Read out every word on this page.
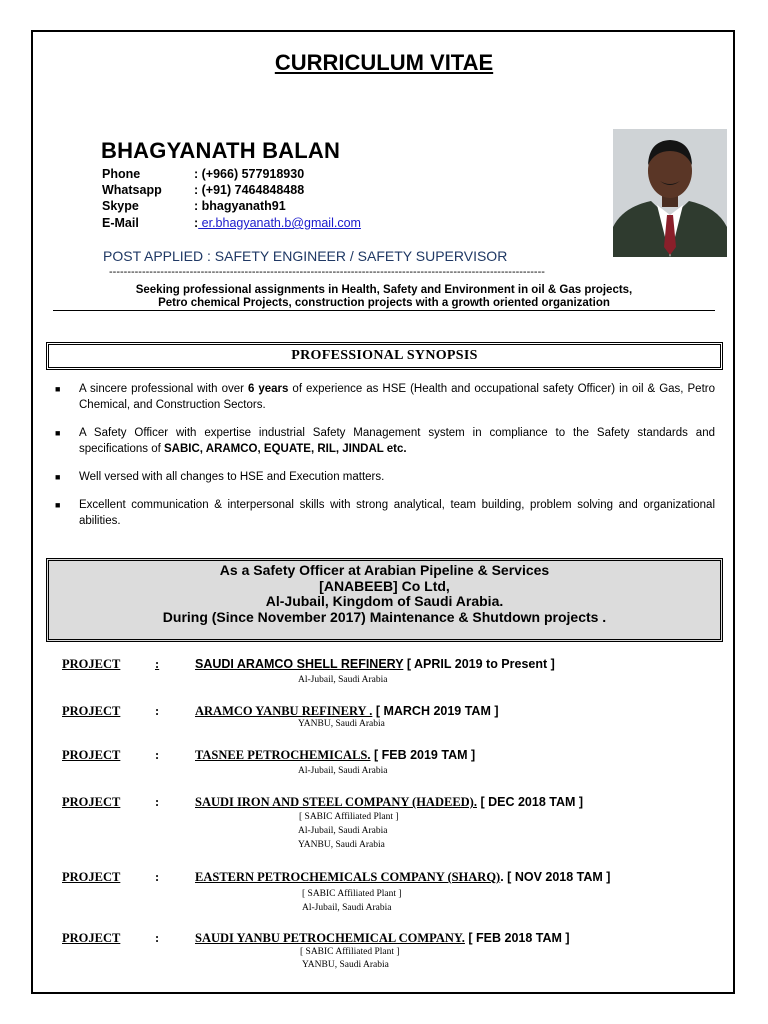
CURRICULUM VITAE
BHAGYANATH BALAN
Phone	: (+966) 577918930
Whatsapp	: (+91) 7464848488
Skype	: bhagyanath91
E-Mail	: er.bhagyanath.b@gmail.com
POST APPLIED : SAFETY ENGINEER / SAFETY SUPERVISOR
-----------------------------------------------------------------------------------------------------------------------
Seeking professional assignments in Health, Safety and Environment in oil & Gas projects,
Petro chemical Projects, construction projects with a growth oriented organization
PROFESSIONAL SYNOPSIS
■ A sincere professional with over 6 years of experience as HSE (Health and occupational safety Officer) in oil & Gas, Petro Chemical, and Construction Sectors.
■ A Safety Officer with expertise industrial Safety Management system in compliance to the Safety standards and specifications of SABIC, ARAMCO, EQUATE, RIL, JINDAL etc.
■ Well versed with all changes to HSE and Execution matters.
■ Excellent communication & interpersonal skills with strong analytical, team building, problem solving and organizational abilities.
As a Safety Officer at Arabian Pipeline & Services
[ANABEEB] Co Ltd,
Al-Jubail, Kingdom of Saudi Arabia.
During (Since November 2017) Maintenance & Shutdown projects .
PROJECT	:	SAUDI ARAMCO SHELL REFINERY [ APRIL 2019 to Present ]
Al-Jubail, Saudi Arabia
PROJECT	:	ARAMCO YANBU REFINERY . [ MARCH 2019 TAM ]
YANBU, Saudi Arabia
PROJECT	:	TASNEE PETROCHEMICALS. [ FEB 2019 TAM ]
Al-Jubail, Saudi Arabia
PROJECT	:	SAUDI IRON AND STEEL COMPANY (HADEED). [ DEC 2018 TAM ]
[ SABIC Affiliated Plant ]
Al-Jubail, Saudi Arabia
YANBU, Saudi Arabia
PROJECT	:	EASTERN PETROCHEMICALS COMPANY (SHARQ). [ NOV 2018 TAM ]
[ SABIC Affiliated Plant ]
Al-Jubail, Saudi Arabia
PROJECT	:	SAUDI YANBU PETROCHEMICAL COMPANY. [ FEB 2018 TAM ]
[ SABIC Affiliated Plant ]
YANBU, Saudi Arabia
